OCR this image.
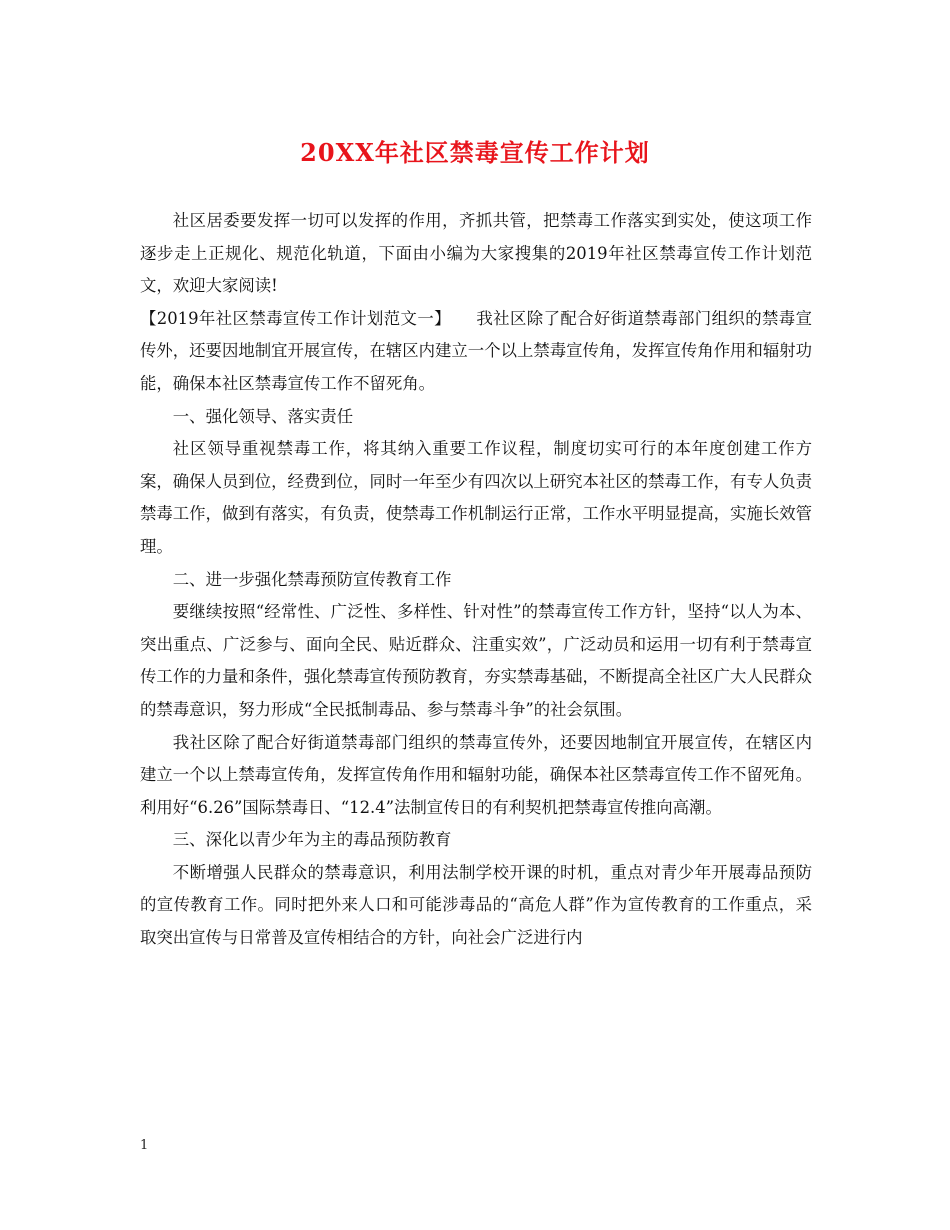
20XX年社区禁毒宣传工作计划

社区居委要发挥一切可以发挥的作用，齐抓共管，把禁毒工作落实到实处，使这项工作逐步走上正规化、规范化轨道，下面由小编为大家搜集的2019年社区禁毒宣传工作计划范文，欢迎大家阅读!

【2019年社区禁毒宣传工作计划范文一】　　我社区除了配合好街道禁毒部门组织的禁毒宣传外，还要因地制宜开展宣传，在辖区内建立一个以上禁毒宣传角，发挥宣传角作用和辐射功能，确保本社区禁毒宣传工作不留死角。

一、强化领导、落实责任

社区领导重视禁毒工作，将其纳入重要工作议程，制度切实可行的本年度创建工作方案，确保人员到位，经费到位，同时一年至少有四次以上研究本社区的禁毒工作，有专人负责禁毒工作，做到有落实，有负责，使禁毒工作机制运行正常，工作水平明显提高，实施长效管理。

二、进一步强化禁毒预防宣传教育工作

要继续按照“经常性、广泛性、多样性、针对性”的禁毒宣传工作方针，坚持“以人为本、突出重点、广泛参与、面向全民、贴近群众、注重实效”，广泛动员和运用一切有利于禁毒宣传工作的力量和条件，强化禁毒宣传预防教育，夯实禁毒基础，不断提高全社区广大人民群众的禁毒意识，努力形成“全民抵制毒品、参与禁毒斗争”的社会氛围。

我社区除了配合好街道禁毒部门组织的禁毒宣传外，还要因地制宜开展宣传，在辖区内建立一个以上禁毒宣传角，发挥宣传角作用和辐射功能，确保本社区禁毒宣传工作不留死角。利用好“6.26”国际禁毒日、“12.4”法制宣传日的有利契机把禁毒宣传推向高潮。

三、深化以青少年为主的毒品预防教育

不断增强人民群众的禁毒意识，利用法制学校开课的时机，重点对青少年开展毒品预防的宣传教育工作。同时把外来人口和可能涉毒品的“高危人群”作为宣传教育的工作重点，采取突出宣传与日常普及宣传相结合的方针，向社会广泛进行内

1
